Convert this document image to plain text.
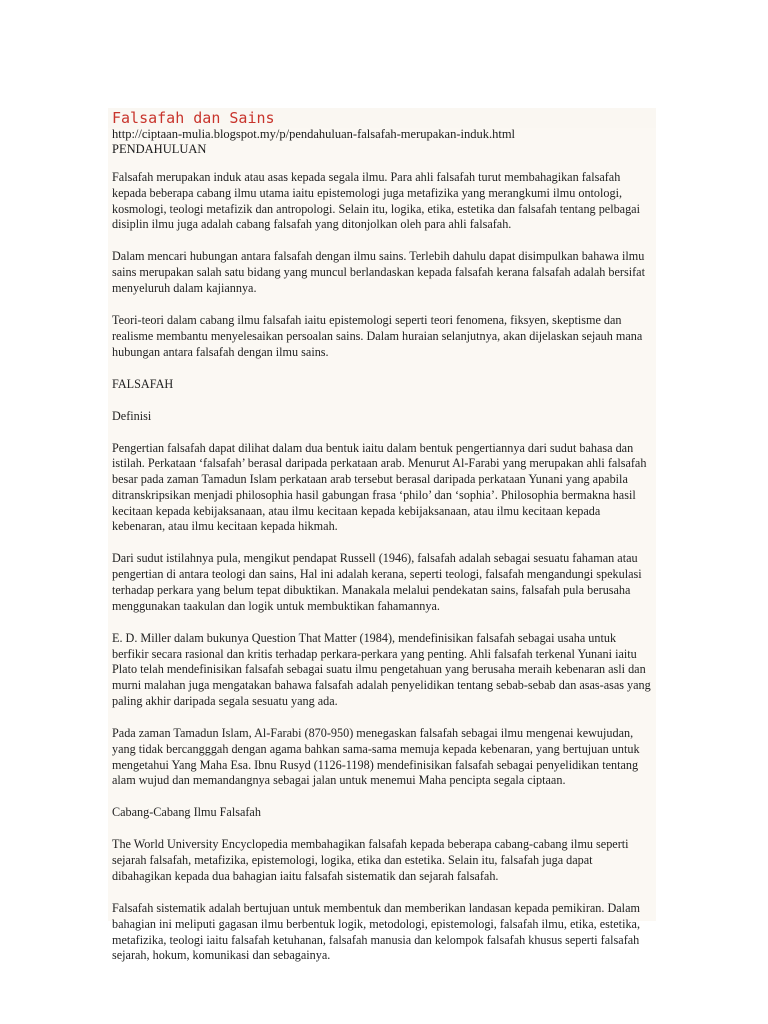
Falsafah dan Sains
http://ciptaan-mulia.blogspot.my/p/pendahuluan-falsafah-merupakan-induk.html
PENDAHULUAN

Falsafah merupakan induk atau asas kepada segala ilmu. Para ahli falsafah turut membahagikan falsafah kepada beberapa cabang ilmu utama iaitu epistemologi juga metafizika yang merangkumi ilmu ontologi, kosmologi, teologi metafizik dan antropologi. Selain itu, logika, etika, estetika dan falsafah tentang pelbagai disiplin ilmu juga adalah cabang falsafah yang ditonjolkan oleh para ahli falsafah.

Dalam mencari hubungan antara falsafah dengan ilmu sains. Terlebih dahulu dapat disimpulkan bahawa ilmu sains merupakan salah satu bidang yang muncul berlandaskan kepada falsafah kerana falsafah adalah bersifat menyeluruh dalam kajiannya.

Teori-teori dalam cabang ilmu falsafah iaitu epistemologi seperti teori fenomena, fiksyen, skeptisme dan realisme membantu menyelesaikan persoalan sains. Dalam huraian selanjutnya, akan dijelaskan sejauh mana hubungan antara falsafah dengan ilmu sains.

FALSAFAH

Definisi

Pengertian falsafah dapat dilihat dalam dua bentuk iaitu dalam bentuk pengertiannya dari sudut bahasa dan istilah. Perkataan ‘falsafah’ berasal daripada perkataan arab. Menurut Al-Farabi yang merupakan ahli falsafah besar pada zaman Tamadun Islam perkataan arab tersebut berasal daripada perkataan Yunani yang apabila ditranskripsikan menjadi philosophia hasil gabungan frasa ‘philo’ dan ‘sophia’. Philosophia bermakna hasil kecitaan kepada kebijaksanaan, atau ilmu kecitaan kepada kebijaksanaan, atau ilmu kecitaan kepada kebenaran, atau ilmu kecitaan kepada hikmah.

Dari sudut istilahnya pula, mengikut pendapat Russell (1946), falsafah adalah sebagai sesuatu fahaman atau pengertian di antara teologi dan sains, Hal ini adalah kerana, seperti teologi, falsafah mengandungi spekulasi terhadap perkara yang belum tepat dibuktikan. Manakala melalui pendekatan sains, falsafah pula berusaha menggunakan taakulan dan logik untuk membuktikan fahamannya.

E. D. Miller dalam bukunya Question That Matter (1984), mendefinisikan falsafah sebagai usaha untuk berfikir secara rasional dan kritis terhadap perkara-perkara yang penting. Ahli falsafah terkenal Yunani iaitu Plato telah mendefinisikan falsafah sebagai suatu ilmu pengetahuan yang berusaha meraih kebenaran asli dan murni malahan juga mengatakan bahawa falsafah adalah penyelidikan tentang sebab-sebab dan asas-asas yang paling akhir daripada segala sesuatu yang ada.

Pada zaman Tamadun Islam, Al-Farabi (870-950) menegaskan falsafah sebagai ilmu mengenai kewujudan, yang tidak bercangggah dengan agama bahkan sama-sama memuja kepada kebenaran, yang bertujuan untuk mengetahui Yang Maha Esa. Ibnu Rusyd (1126-1198) mendefinisikan falsafah sebagai penyelidikan tentang alam wujud dan memandangnya sebagai jalan untuk menemui Maha pencipta segala ciptaan.

Cabang-Cabang Ilmu Falsafah

The World University Encyclopedia membahagikan falsafah kepada beberapa cabang-cabang ilmu seperti sejarah falsafah, metafizika, epistemologi, logika, etika dan estetika. Selain itu, falsafah juga dapat dibahagikan kepada dua bahagian iaitu falsafah sistematik dan sejarah falsafah.

Falsafah sistematik adalah bertujuan untuk membentuk dan memberikan landasan kepada pemikiran. Dalam bahagian ini meliputi gagasan ilmu berbentuk logik, metodologi, epistemologi, falsafah ilmu, etika, estetika, metafizika, teologi iaitu falsafah ketuhanan, falsafah manusia dan kelompok falsafah khusus seperti falsafah sejarah, hokum, komunikasi dan sebagainya.
